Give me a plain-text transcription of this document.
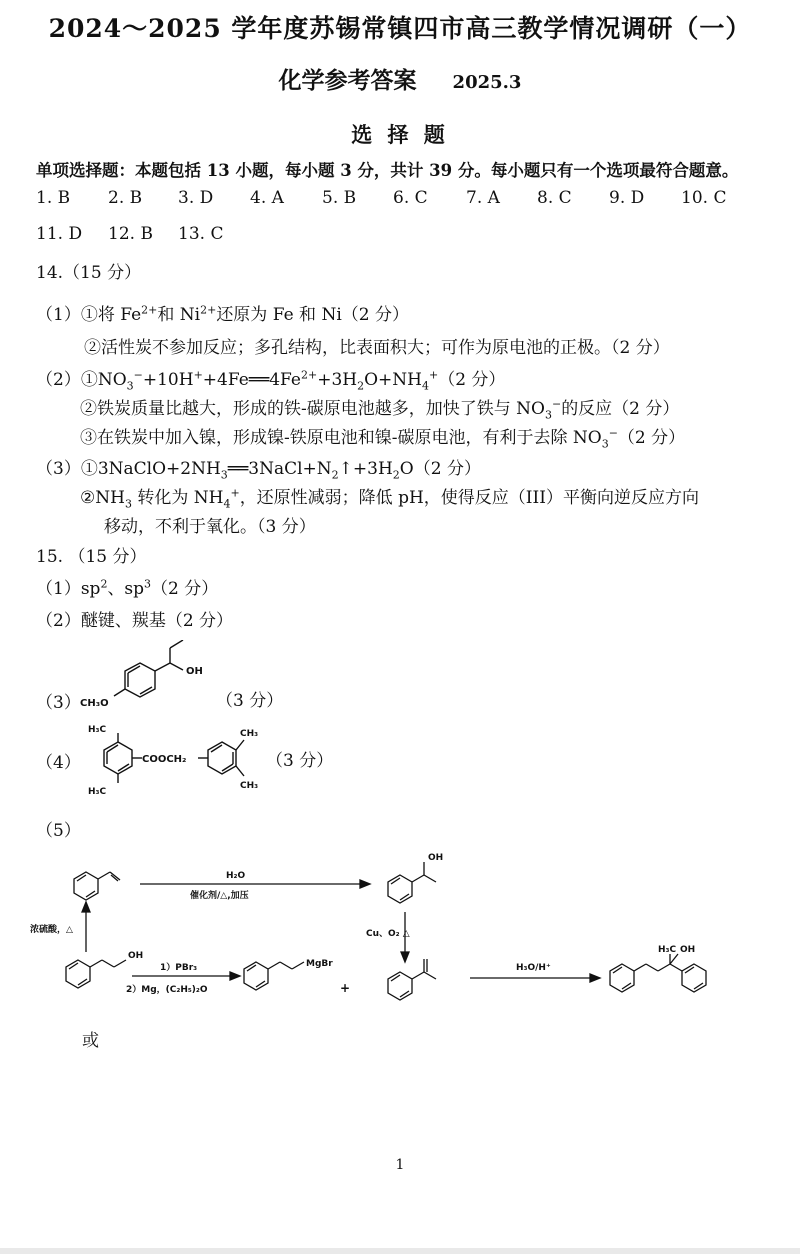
2024～2025 学年度苏锡常镇四市高三教学情况调研（一）
化学参考答案 2025.3
选 择 题
单项选择题：本题包括 13 小题，每小题 3 分，共计 39 分。每小题只有一个选项最符合题意。
1. B 2. B 3. D 4. A 5. B 6. C 7. A 8. C 9. D 10. C
11. D 12. B 13. C
14.（15 分）
（1）①将 $Fe^{2+}$和 $Ni^{2+}$还原为 Fe 和 Ni（2 分）
②活性炭不参加反应；多孔结构，比表面积大；可作为原电池的正极。（2 分）
$(2)①NO_3^-+10H^++4Fe══4Fe^{2+}+3H_2O+NH_4^+(2$ 分）
②铁炭质量比越大，形成的铁-碳原电池越多，加快了铁与 $NO_3^-$的反应（2 分）
③在铁炭中加入镍，形成镍-铁原电池和镍-碳原电池，有利于去除 $NO_3^-(2$ 分）
$(3)①3NaClO+2NH_3══3NaCl+N_2↑+3H_2O(2$ 分）
$②NH_3$ 转化为 $NH_4^+$，还原性减弱；降低 pH，使得反应（III）平衡向逆反应方向
移动，不利于氧化。（3 分）
15. （15 分）
$(1)sp^2$、$sp^3(2$ 分）
（2）醚键、羰基（2 分）
（3）
OH
CH₃O	（3 分）
（4）	COOCH₂
H₃C
H₃C
CH₃
CH₃
（3 分）
（5）
H₂O
催化剂/△,加压
OH
浓硫酸，△	Cu、O₂ △
OH
1）PBr₃
2）Mg，(C₂H₅)₂O
MgBr
+
H₃O/H⁺
H₃C OH
或
1
